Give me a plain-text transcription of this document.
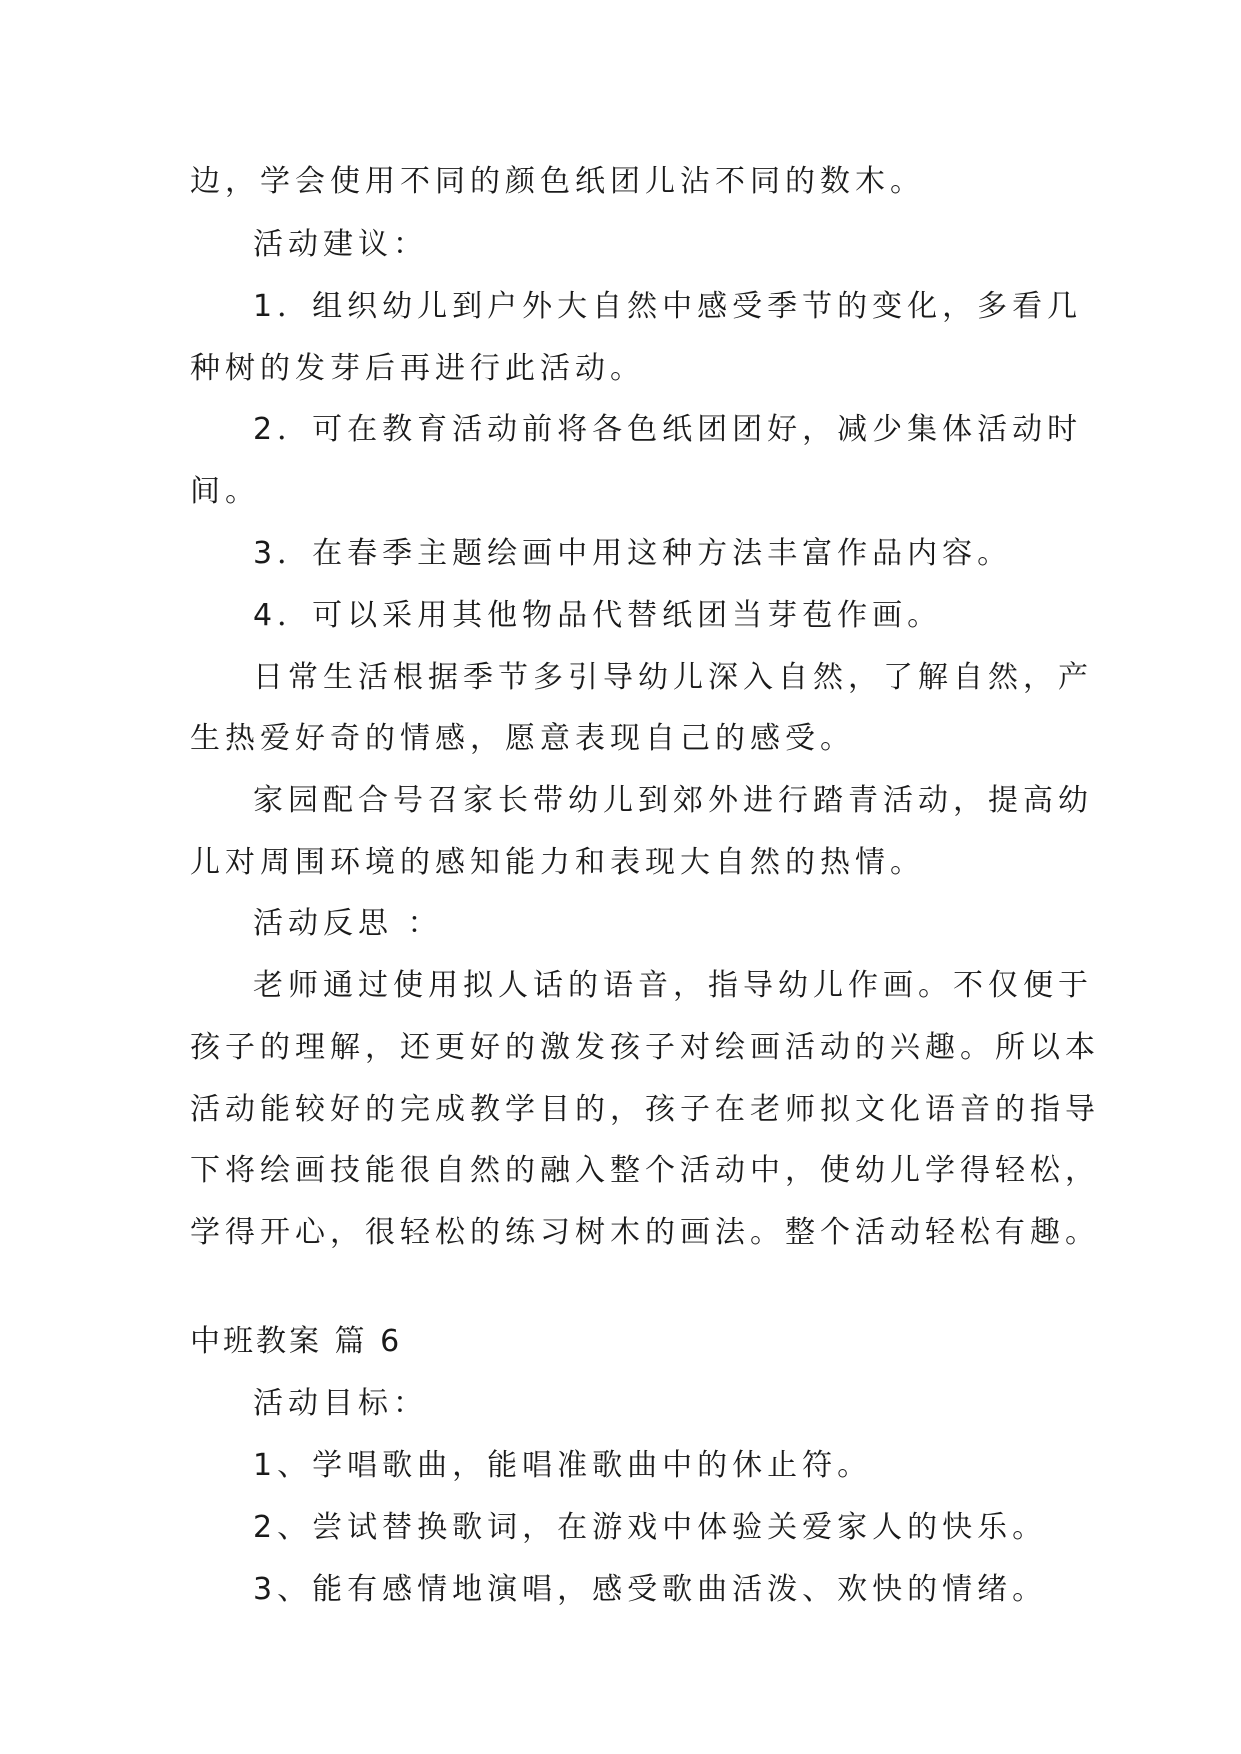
边，学会使用不同的颜色纸团儿沾不同的数木。
活动建议：
1．组织幼儿到户外大自然中感受季节的变化，多看几
种树的发芽后再进行此活动。
2．可在教育活动前将各色纸团团好，减少集体活动时
间。
3．在春季主题绘画中用这种方法丰富作品内容。
4．可以采用其他物品代替纸团当芽苞作画。
日常生活根据季节多引导幼儿深入自然，了解自然，产
生热爱好奇的情感，愿意表现自己的感受。
家园配合号召家长带幼儿到郊外进行踏青活动，提高幼
儿对周围环境的感知能力和表现大自然的热情。
活动反思 ：
老师通过使用拟人话的语音，指导幼儿作画。不仅便于
孩子的理解，还更好的激发孩子对绘画活动的兴趣。所以本
活动能较好的完成教学目的，孩子在老师拟文化语音的指导
下将绘画技能很自然的融入整个活动中，使幼儿学得轻松，
学得开心，很轻松的练习树木的画法。整个活动轻松有趣。
中班教案 篇 6
活动目标：
1、学唱歌曲，能唱准歌曲中的休止符。
2、尝试替换歌词，在游戏中体验关爱家人的快乐。
3、能有感情地演唱，感受歌曲活泼、欢快的情绪。
